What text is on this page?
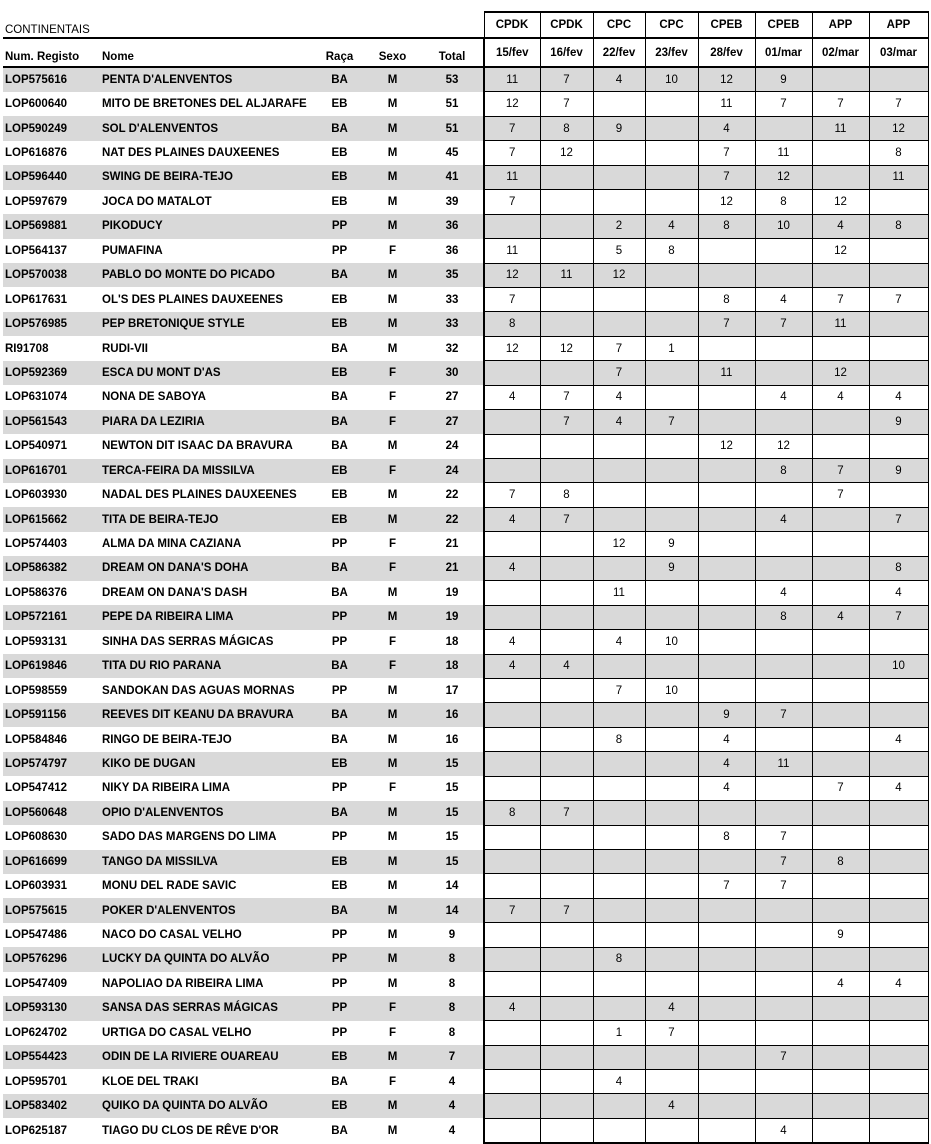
CONTINENTAIS					CPDK	CPDK	CPC	CPC	CPEB	CPEB	APP	APP
Num. Registo	Nome	Raça	Sexo	Total	15/fev	16/fev	22/fev	23/fev	28/fev	01/mar	02/mar	03/mar
LOP575616	PENTA D'ALENVENTOS	BA	M	53	11	7	4	10	12	9		
LOP600640	MITO DE BRETONES DEL ALJARAFE	EB	M	51	12	7			11	7	7	7
LOP590249	SOL D'ALENVENTOS	BA	M	51	7	8	9		4		11	12
LOP616876	NAT DES PLAINES DAUXEENES	EB	M	45	7	12			7	11		8
LOP596440	SWING DE BEIRA-TEJO	EB	M	41	11				7	12		11
LOP597679	JOCA DO MATALOT	EB	M	39	7				12	8	12	
LOP569881	PIKODUCY	PP	M	36			2	4	8	10	4	8
LOP564137	PUMAFINA	PP	F	36	11		5	8			12	
LOP570038	PABLO DO MONTE DO PICADO	BA	M	35	12	11	12					
LOP617631	OL'S DES PLAINES DAUXEENES	EB	M	33	7				8	4	7	7
LOP576985	PEP BRETONIQUE STYLE	EB	M	33	8				7	7	11	
RI91708	RUDI-VII	BA	M	32	12	12	7	1				
LOP592369	ESCA DU MONT D'AS	EB	F	30			7		11		12	
LOP631074	NONA DE SABOYA	BA	F	27	4	7	4			4	4	4
LOP561543	PIARA DA LEZIRIA	BA	F	27		7	4	7				9
LOP540971	NEWTON DIT ISAAC DA BRAVURA	BA	M	24					12	12		
LOP616701	TERCA-FEIRA DA MISSILVA	EB	F	24						8	7	9
LOP603930	NADAL DES PLAINES DAUXEENES	EB	M	22	7	8					7	
LOP615662	TITA DE BEIRA-TEJO	EB	M	22	4	7				4		7
LOP574403	ALMA DA MINA CAZIANA	PP	F	21			12	9				
LOP586382	DREAM ON DANA'S DOHA	BA	F	21	4			9				8
LOP586376	DREAM ON DANA'S DASH	BA	M	19			11			4		4
LOP572161	PEPE DA RIBEIRA LIMA	PP	M	19						8	4	7
LOP593131	SINHA DAS SERRAS MÁGICAS	PP	F	18	4		4	10				
LOP619846	TITA DU RIO PARANA	BA	F	18	4	4						10
LOP598559	SANDOKAN DAS AGUAS MORNAS	PP	M	17			7	10				
LOP591156	REEVES DIT KEANU DA BRAVURA	BA	M	16					9	7		
LOP584846	RINGO DE BEIRA-TEJO	BA	M	16			8		4			4
LOP574797	KIKO DE DUGAN	EB	M	15					4	11		
LOP547412	NIKY DA RIBEIRA LIMA	PP	F	15					4		7	4
LOP560648	OPIO D'ALENVENTOS	BA	M	15	8	7						
LOP608630	SADO DAS MARGENS DO LIMA	PP	M	15					8	7		
LOP616699	TANGO DA MISSILVA	EB	M	15						7	8	
LOP603931	MONU DEL RADE SAVIC	EB	M	14					7	7		
LOP575615	POKER D'ALENVENTOS	BA	M	14	7	7						
LOP547486	NACO DO CASAL VELHO	PP	M	9							9	
LOP576296	LUCKY DA QUINTA DO ALVÃO	PP	M	8			8					
LOP547409	NAPOLIAO DA RIBEIRA LIMA	PP	M	8							4	4
LOP593130	SANSA DAS SERRAS MÁGICAS	PP	F	8	4			4				
LOP624702	URTIGA DO CASAL VELHO	PP	F	8			1	7				
LOP554423	ODIN DE LA RIVIERE OUAREAU	EB	M	7						7		
LOP595701	KLOE DEL TRAKI	BA	F	4			4					
LOP583402	QUIKO DA QUINTA DO ALVÃO	EB	M	4				4				
LOP625187	TIAGO DU CLOS DE RÊVE D'OR	BA	M	4						4		
